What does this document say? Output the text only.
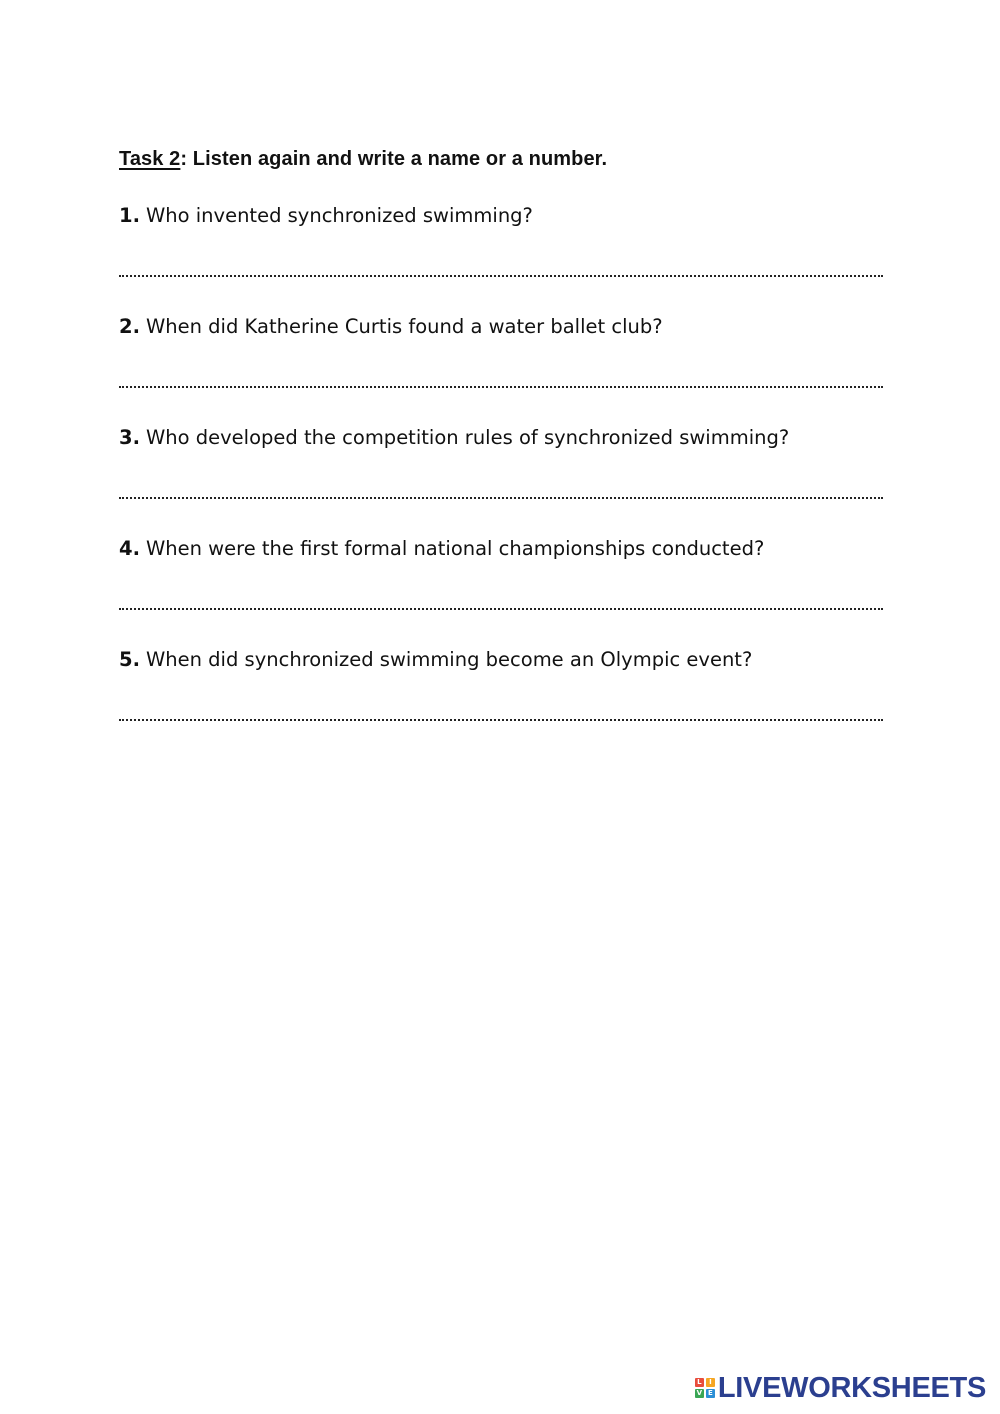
Task 2: Listen again and write a name or a number.
1. Who invented synchronized swimming?
2. When did Katherine Curtis found a water ballet club?
3. Who developed the competition rules of synchronized swimming?
4. When were the first formal national championships conducted?
5. When did synchronized swimming become an Olympic event?
L	I
V E LIVEWORKSHEETS
